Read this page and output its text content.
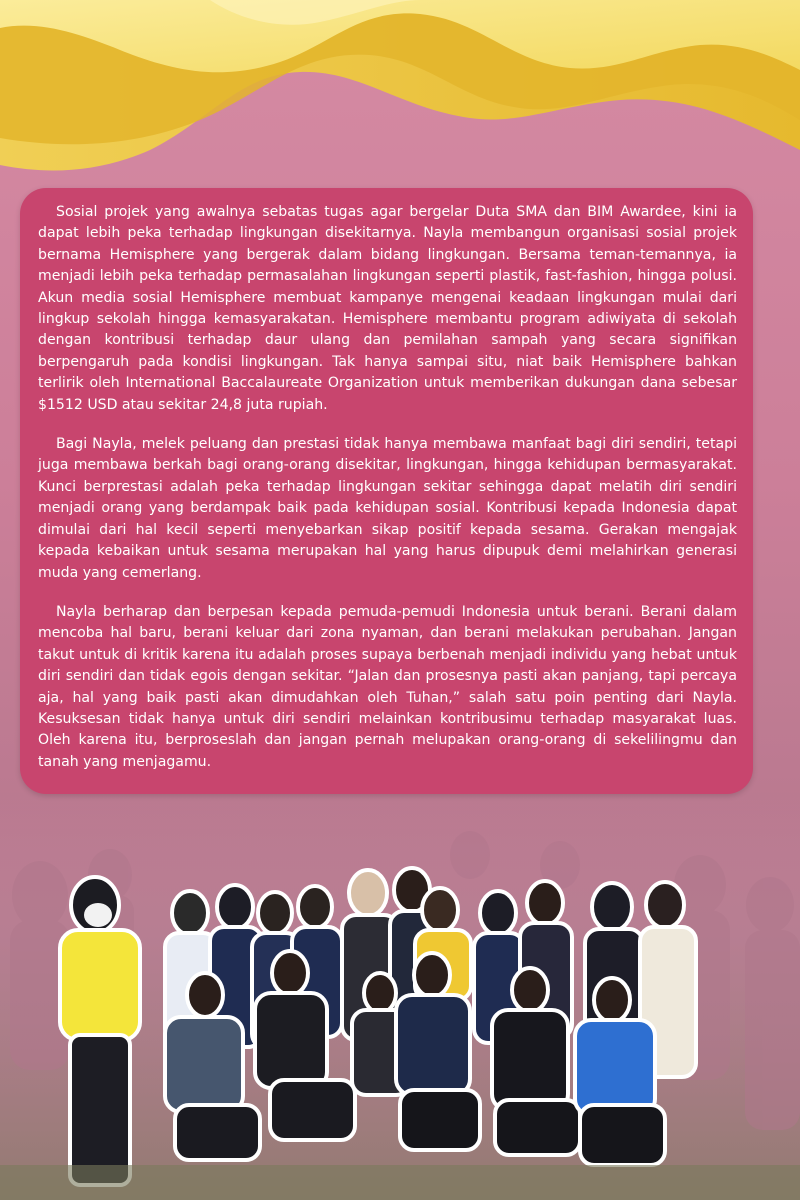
Sosial projek yang awalnya sebatas tugas agar bergelar Duta SMA dan BIM Awardee, kini ia dapat lebih peka terhadap lingkungan disekitarnya. Nayla membangun organisasi sosial projek bernama Hemisphere yang bergerak dalam bidang lingkungan. Bersama teman-temannya, ia menjadi lebih peka terhadap permasalahan lingkungan seperti plastik, fast-fashion, hingga polusi. Akun media sosial Hemisphere membuat kampanye mengenai keadaan lingkungan mulai dari lingkup sekolah hingga kemasyarakatan. Hemisphere membantu program adiwiyata di sekolah dengan kontribusi terhadap daur ulang dan pemilahan sampah yang secara signifikan berpengaruh pada kondisi lingkungan. Tak hanya sampai situ, niat baik Hemisphere bahkan terlirik oleh International Baccalaureate Organization untuk memberikan dukungan dana sebesar $1512 USD atau sekitar 24,8 juta rupiah.

Bagi Nayla, melek peluang dan prestasi tidak hanya membawa manfaat bagi diri sendiri, tetapi juga membawa berkah bagi orang-orang disekitar, lingkungan, hingga kehidupan bermasyarakat. Kunci berprestasi adalah peka terhadap lingkungan sekitar sehingga dapat melatih diri sendiri menjadi orang yang berdampak baik pada kehidupan sosial. Kontribusi kepada Indonesia dapat dimulai dari hal kecil seperti menyebarkan sikap positif kepada sesama. Gerakan mengajak kepada kebaikan untuk sesama merupakan hal yang harus dipupuk demi melahirkan generasi muda yang cemerlang.

Nayla berharap dan berpesan kepada pemuda-pemudi Indonesia untuk berani. Berani dalam mencoba hal baru, berani keluar dari zona nyaman, dan berani melakukan perubahan. Jangan takut untuk di kritik karena itu adalah proses supaya berbenah menjadi individu yang hebat untuk diri sendiri dan tidak egois dengan sekitar. “Jalan dan prosesnya pasti akan panjang, tapi percaya aja, hal yang baik pasti akan dimudahkan oleh Tuhan,” salah satu poin penting dari Nayla. Kesuksesan tidak hanya untuk diri sendiri melainkan kontribusimu terhadap masyarakat luas. Oleh karena itu, berproseslah dan jangan pernah melupakan orang-orang di sekelilingmu dan tanah yang menjagamu.
